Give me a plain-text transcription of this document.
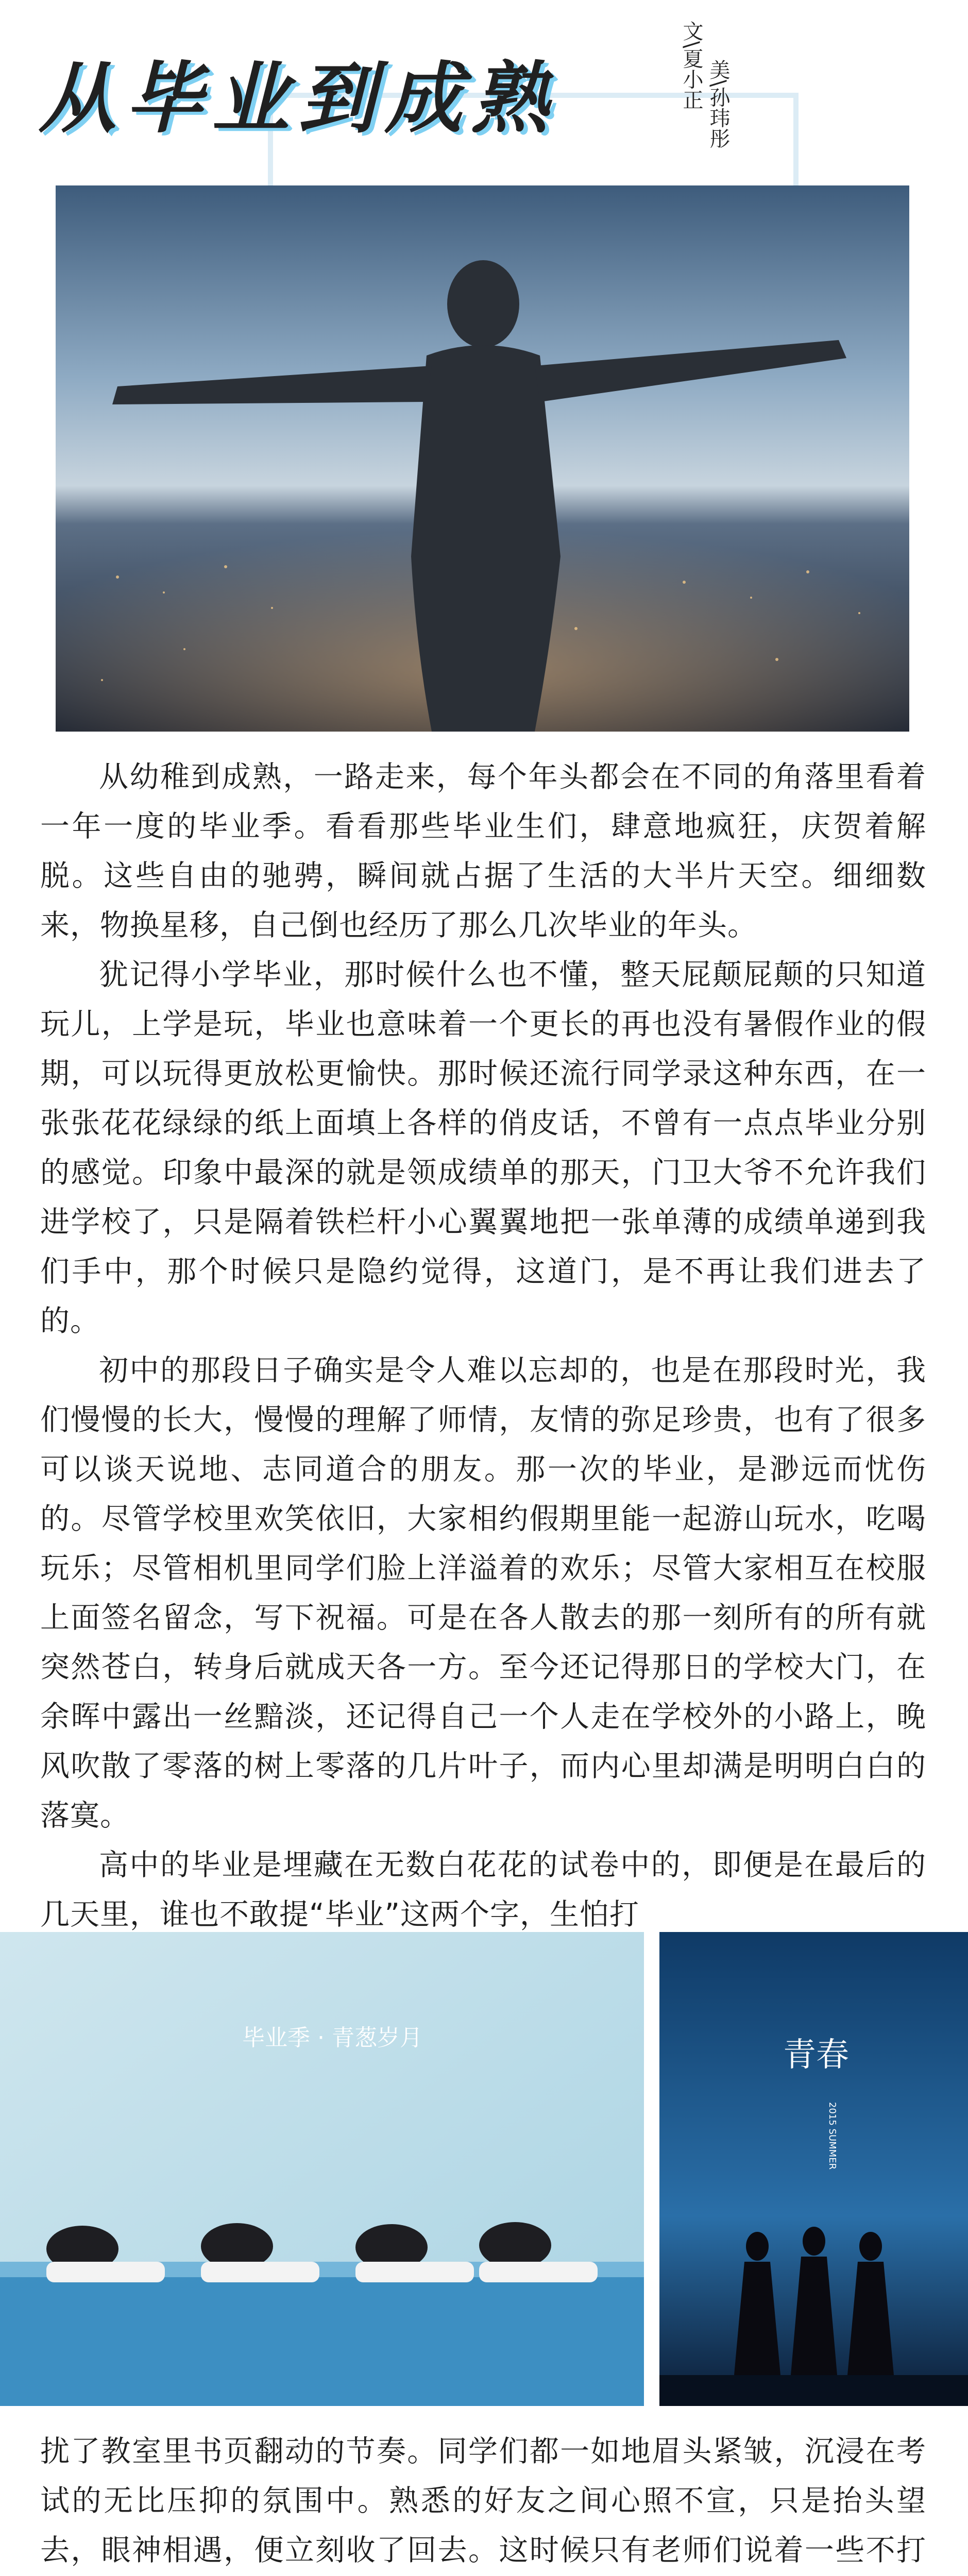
从毕业到成熟	文\夏小正 美\孙玮彤

从幼稚到成熟，一路走来，每个年头都会在不同的角落里看着一年一度的毕业季。看看那些毕业生们，肆意地疯狂，庆贺着解脱。这些自由的驰骋，瞬间就占据了生活的大半片天空。细细数来，物换星移，自己倒也经历了那么几次毕业的年头。

犹记得小学毕业，那时候什么也不懂，整天屁颠屁颠的只知道玩儿，上学是玩，毕业也意味着一个更长的再也没有暑假作业的假期，可以玩得更放松更愉快。那时候还流行同学录这种东西，在一张张花花绿绿的纸上面填上各样的俏皮话，不曾有一点点毕业分别的感觉。印象中最深的就是领成绩单的那天，门卫大爷不允许我们进学校了，只是隔着铁栏杆小心翼翼地把一张单薄的成绩单递到我们手中，那个时候只是隐约觉得，这道门，是不再让我们进去了的。

初中的那段日子确实是令人难以忘却的，也是在那段时光，我们慢慢的长大，慢慢的理解了师情，友情的弥足珍贵，也有了很多可以谈天说地、志同道合的朋友。那一次的毕业，是渺远而忧伤的。尽管学校里欢笑依旧，大家相约假期里能一起游山玩水，吃喝玩乐；尽管相机里同学们脸上洋溢着的欢乐；尽管大家相互在校服上面签名留念，写下祝福。可是在各人散去的那一刻所有的所有就突然苍白，转身后就成天各一方。至今还记得那日的学校大门，在余晖中露出一丝黯淡，还记得自己一个人走在学校外的小路上，晚风吹散了零落的树上零落的几片叶子，而内心里却满是明明白白的落寞。

高中的毕业是埋藏在无数白花花的试卷中的，即便是在最后的几天里，谁也不敢提“毕业”这两个字，生怕打

毕业季 · 青葱岁月	青春
2015 SUMMER

扰了教室里书页翻动的节奏。同学们都一如地眉头紧皱，沉浸在考试的无比压抑的氛围中。熟悉的好友之间心照不宣，只是抬头望去，眼神相遇，便立刻收了回去。这时候只有老师们说着一些不打
